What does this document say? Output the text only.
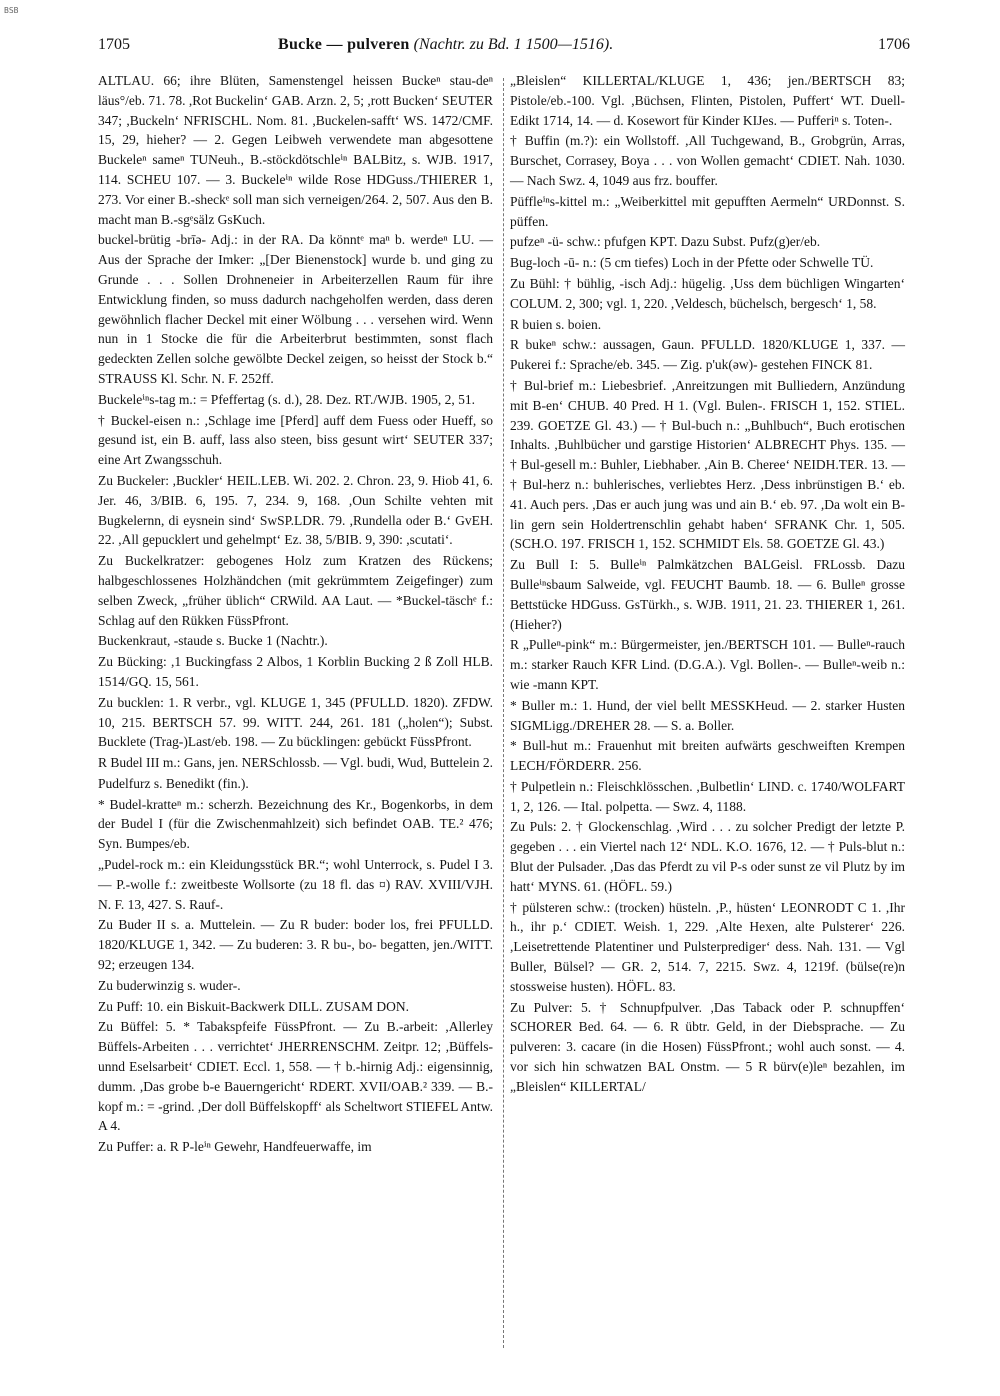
BSB
1705	Bucke — pulveren (Nachtr. zu Bd. 1 1500—1516).	1706

ALTLAU. 66; ihre Blüten, Samenstengel heissen Buckeⁿ stau-deⁿ läus°/eb. 71. 78. ,Rot Buckelin‘ GAB. Arzn. 2, 5; ,rott Bucken‘ SEUTER 347; ,Buckeln‘ NFRISCHL. Nom. 81. ,Buckelen-safft‘ WS. 1472/CMF. 15, 29, hieher? — 2. Gegen Leibweh verwendete man abgesottene Buckeleⁿ sameⁿ TUNeuh., B.-stöckdötschleⁱⁿ BALBitz, s. WJB. 1917, 114. SCHEU 107. — 3. Buckeleⁱⁿ wilde Rose HDGuss./THIERER 1, 273. Vor einer B.-sheckᵉ soll man sich verneigen/264. 2, 507. Aus den B. macht man B.-sgᵉsälz GsKuch.

buckel-brütig -brīə- Adj.: in der RA. Da könntᵉ maⁿ b. werdeⁿ LU. — Aus der Sprache der Imker: „[Der Bienenstock] wurde b. und ging zu Grunde . . . Sollen Drohneneier in Arbeiterzellen Raum für ihre Entwicklung finden, so muss dadurch nachgeholfen werden, dass deren gewöhnlich flacher Deckel mit einer Wölbung . . . versehen wird. Wenn nun in 1 Stocke die für die Arbeiterbrut bestimmten, sonst flach gedeckten Zellen solche gewölbte Deckel zeigen, so heisst der Stock b.“ STRAUSS Kl. Schr. N. F. 252ff.

Buckeleⁱⁿs-tag m.: = Pfeffertag (s. d.), 28. Dez. RT./WJB. 1905, 2, 51.

† Buckel-eisen n.: ,Schlage ime [Pferd] auff dem Fuess oder Hueff, so gesund ist, ein B. auff, lass also steen, biss gesunt wirt‘ SEUTER 337; eine Art Zwangsschuh.

Zu Buckeler: ,Buckler‘ HEIL.LEB. Wi. 202. 2. Chron. 23, 9. Hiob 41, 6. Jer. 46, 3/BIB. 6, 195. 7, 234. 9, 168. ,Oun Schilte vehten mit Bugkelernn, di eysnein sind‘ SwSP.LDR. 79. ,Rundella oder B.‘ GvEH. 22. ,All gepucklert und gehelmpt‘ Ez. 38, 5/BIB. 9, 390: ,scutati‘.

Zu Buckelkratzer: gebogenes Holz zum Kratzen des Rückens; halbgeschlossenes Holzhändchen (mit gekrümmtem Zeigefinger) zum selben Zweck, „früher üblich“ CRWild. AA Laut. — *Buckel-täschᵉ f.: Schlag auf den Rükken FüssPfront.

Buckenkraut, -staude s. Bucke 1 (Nachtr.).

Zu Bücking: ,1 Buckingfass 2 Albos, 1 Korblin Bucking 2 ß Zoll HLB. 1514/GQ. 15, 561.

Zu bucklen: 1. R verbr., vgl. KLUGE 1, 345 (PFULLD. 1820). ZFDW. 10, 215. BERTSCH 57. 99. WITT. 244, 261. 181 („holen“); Subst. Bucklete (Trag-)Last/eb. 198. — Zu bücklingen: gebückt FüssPfront.

R Budel III m.: Gans, jen. NERSchlossb. — Vgl. budi, Wud, Buttelein 2.

Pudelfurz s. Benedikt (fin.).

* Budel-kratteⁿ m.: scherzh. Bezeichnung des Kr., Bogenkorbs, in dem der Budel I (für die Zwischenmahlzeit) sich befindet OAB. TE.² 476; Syn. Bumpes/eb.

„Pudel-rock m.: ein Kleidungsstück BR.“; wohl Unterrock, s. Pudel I 3. — P.-wolle f.: zweitbeste Wollsorte (zu 18 fl. das ¤) RAV. XVIII/VJH. N. F. 13, 427. S. Rauf-.

Zu Buder II s. a. Muttelein. — Zu R buder: boder los, frei PFULLD. 1820/KLUGE 1, 342. — Zu buderen: 3. R bu-, bo- begatten, jen./WITT. 92; erzeugen 134.

Zu buderwinzig s. wuder-.

Zu Puff: 10. ein Biskuit-Backwerk DILL. ZUSAM DON.

Zu Büffel: 5. * Tabakspfeife FüssPfront. — Zu B.-arbeit: ,Allerley Büffels-Arbeiten . . . verrichtet‘ JHERRENSCHM. Zeitpr. 12; ,Büffels- unnd Eselsarbeit‘ CDIET. Eccl. 1, 558. — † b.-hirnig Adj.: eigensinnig, dumm. ,Das grobe b-e Bauerngericht‘ RDERT. XVII/OAB.² 339. — B.-kopf m.: = -grind. ,Der doll Büffelskopff‘ als Scheltwort STIEFEL Antw. A 4.

Zu Puffer: a. R P-leⁱⁿ Gewehr, Handfeuerwaffe, im

„Bleislen“ KILLERTAL/KLUGE 1, 436; jen./BERTSCH 83; Pistole/eb.-100. Vgl. ,Büchsen, Flinten, Pistolen, Puffert‘ WT. Duell-Edikt 1714, 14. — d. Kosewort für Kinder KIJes. — Pufferiⁿ s. Toten-.

† Buffin (m.?): ein Wollstoff. ,All Tuchgewand, B., Grobgrün, Arras, Burschet, Corrasey, Boya . . . von Wollen gemacht‘ CDIET. Nah. 1030. — Nach Swz. 4, 1049 aus frz. bouffer.

Püffleⁱⁿs-kittel m.: „Weiberkittel mit gepufften Aermeln“ URDonnst. S. püffen.

pufzeⁿ -ü- schw.: pfufgen KPT. Dazu Subst. Pufz(g)er/eb.

Bug-loch -ū- n.: (5 cm tiefes) Loch in der Pfette oder Schwelle TÜ.

Zu Bühl: † bühlig, -isch Adj.: hügelig. ,Uss dem büchligen Wingarten‘ COLUM. 2, 300; vgl. 1, 220. ,Veldesch, büchelsch, bergesch‘ 1, 58.

R buien s. boien.

R bukeⁿ schw.: aussagen, Gaun. PFULLD. 1820/KLUGE 1, 337. — Pukerei f.: Sprache/eb. 345. — Zig. p'uk(əw)- gestehen FINCK 81.

† Bul-brief m.: Liebesbrief. ,Anreitzungen mit Bulliedern, Anzündung mit B-en‘ CHUB. 40 Pred. H 1. (Vgl. Bulen-. FRISCH 1, 152. STIEL. 239. GOETZE Gl. 43.) — † Bul-buch n.: „Buhlbuch“, Buch erotischen Inhalts. ,Buhlbücher und garstige Historien‘ ALBRECHT Phys. 135. — † Bul-gesell m.: Buhler, Liebhaber. ,Ain B. Cheree‘ NEIDH.TER. 13. — † Bul-herz n.: buhlerisches, verliebtes Herz. ,Dess inbrünstigen B.‘ eb. 41. Auch pers. ,Das er auch jung was und ain B.‘ eb. 97. ,Da wolt ein B-lin gern sein Holdertrenschlin gehabt haben‘ SFRANK Chr. 1, 505. (SCH.O. 197. FRISCH 1, 152. SCHMIDT Els. 58. GOETZE Gl. 43.)

Zu Bull I: 5. Bulleⁱⁿ Palmkätzchen BALGeisl. FRLossb. Dazu Bulleⁱⁿsbaum Salweide, vgl. FEUCHT Baumb. 18. — 6. Bulleⁿ grosse Bettstücke HDGuss. GsTürkh., s. WJB. 1911, 21. 23. THIERER 1, 261. (Hieher?)

R „Pulleⁿ-pink“ m.: Bürgermeister, jen./BERTSCH 101. — Bulleⁿ-rauch m.: starker Rauch KFR Lind. (D.G.A.). Vgl. Bollen-. — Bulleⁿ-weib n.: wie -mann KPT.

* Buller m.: 1. Hund, der viel bellt MESSKHeud. — 2. starker Husten SIGMLigg./DREHER 28. — S. a. Boller.

* Bull-hut m.: Frauenhut mit breiten aufwärts geschweiften Krempen LECH/FÖRDERR. 256.

† Pulpetlein n.: Fleischklösschen. ,Bulbetlin‘ LIND. c. 1740/WOLFART 1, 2, 126. — Ital. polpetta. — Swz. 4, 1188.

Zu Puls: 2. † Glockenschlag. ,Wird . . . zu solcher Predigt der letzte P. gegeben . . . ein Viertel nach 12‘ NDL. K.O. 1676, 12. — † Puls-blut n.: Blut der Pulsader. ,Das das Pferdt zu vil P-s oder sunst ze vil Plutz by im hatt‘ MYNS. 61. (HÖFL. 59.)

† pülsteren schw.: (trocken) hüsteln. ,P., hüsten‘ LEONRODT C 1. ,Ihr h., ihr p.‘ CDIET. Weish. 1, 229. ,Alte Hexen, alte Pulsterer‘ 226. ,Leisetrettende Platentiner und Pulsterprediger‘ dess. Nah. 131. — Vgl Buller, Bülsel? — GR. 2, 514. 7, 2215. Swz. 4, 1219f. (bülse(re)n stossweise husten). HÖFL. 83.

Zu Pulver: 5. † Schnupfpulver. ,Das Taback oder P. schnupffen‘ SCHORER Bed. 64. — 6. R übtr. Geld, in der Diebsprache. — Zu pulveren: 3. cacare (in die Hosen) FüssPfront.; wohl auch sonst. — 4. vor sich hin schwatzen BAL Onstm. — 5 R bürv(e)leⁿ bezahlen, im „Bleislen“ KILLERTAL/
